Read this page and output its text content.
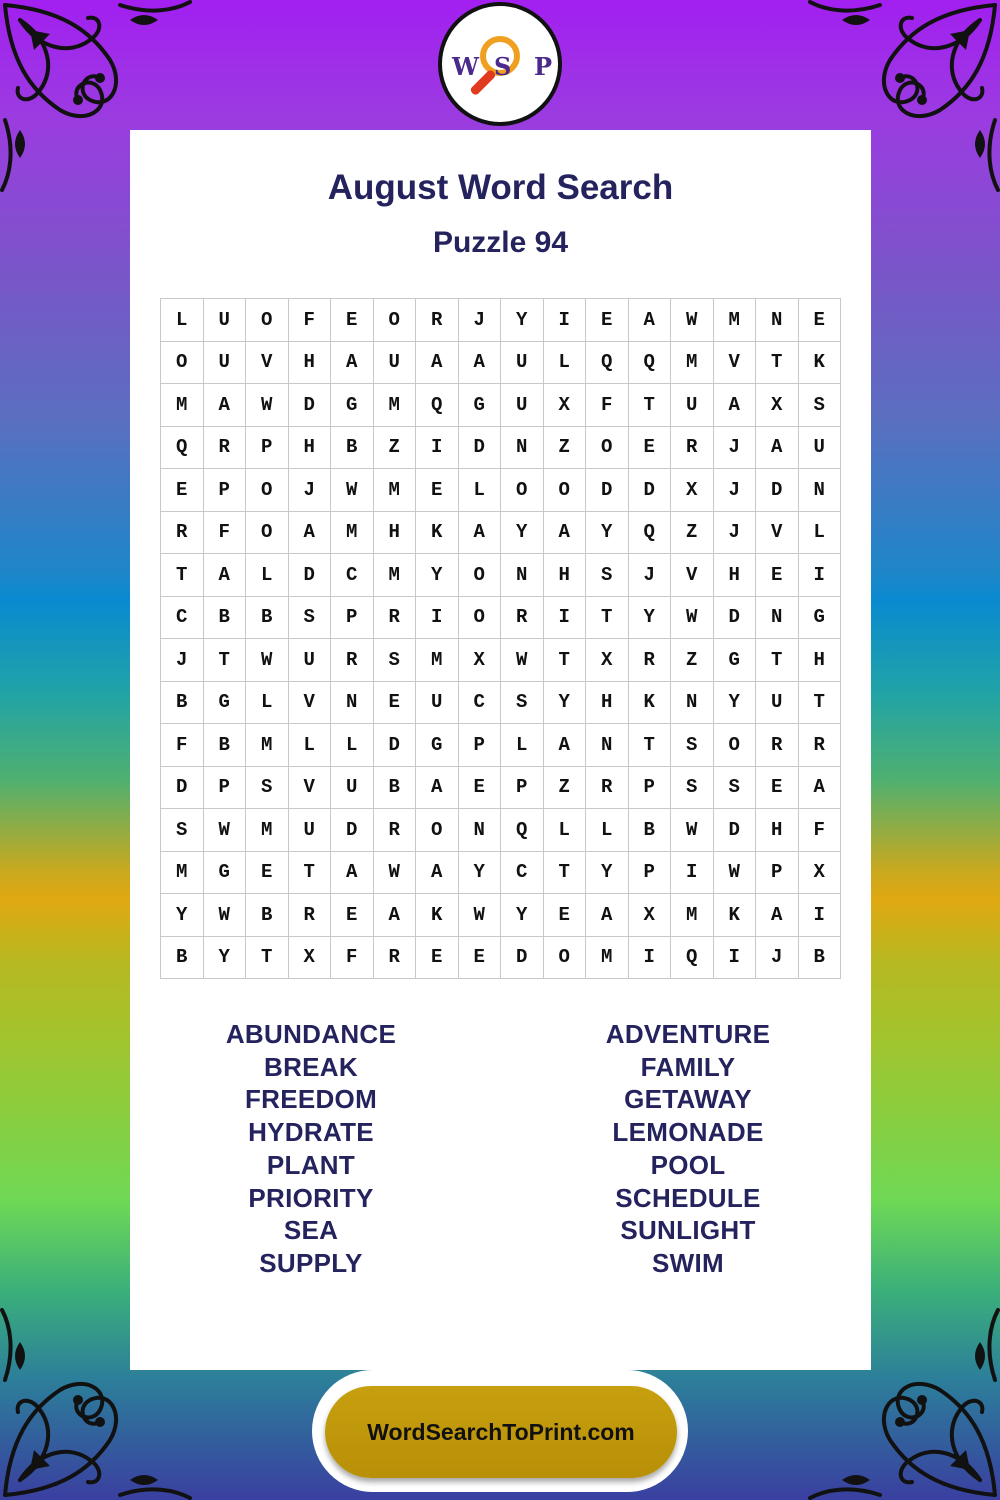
W S P
August Word Search
Puzzle 94
L	U	O	F	E	O	R	J	Y	I	E	A	W	M	N	E
O	U	V	H	A	U	A	A	U	L	Q	Q	M	V	T	K
M	A	W	D	G	M	Q	G	U	X	F	T	U	A	X	S
Q	R	P	H	B	Z	I	D	N	Z	O	E	R	J	A	U
E	P	O	J	W	M	E	L	O	O	D	D	X	J	D	N
R	F	O	A	M	H	K	A	Y	A	Y	Q	Z	J	V	L
T	A	L	D	C	M	Y	O	N	H	S	J	V	H	E	I
C	B	B	S	P	R	I	O	R	I	T	Y	W	D	N	G
J	T	W	U	R	S	M	X	W	T	X	R	Z	G	T	H
B	G	L	V	N	E	U	C	S	Y	H	K	N	Y	U	T
F	B	M	L	L	D	G	P	L	A	N	T	S	O	R	R
D	P	S	V	U	B	A	E	P	Z	R	P	S	S	E	A
S	W	M	U	D	R	O	N	Q	L	L	B	W	D	H	F
M	G	E	T	A	W	A	Y	C	T	Y	P	I	W	P	X
Y	W	B	R	E	A	K	W	Y	E	A	X	M	K	A	I
B	Y	T	X	F	R	E	E	D	O	M	I	Q	I	J	B
ABUNDANCE
BREAK
FREEDOM
HYDRATE
PLANT
PRIORITY
SEA
SUPPLY
ADVENTURE
FAMILY
GETAWAY
LEMONADE
POOL
SCHEDULE
SUNLIGHT
SWIM
WordSearchToPrint.com
